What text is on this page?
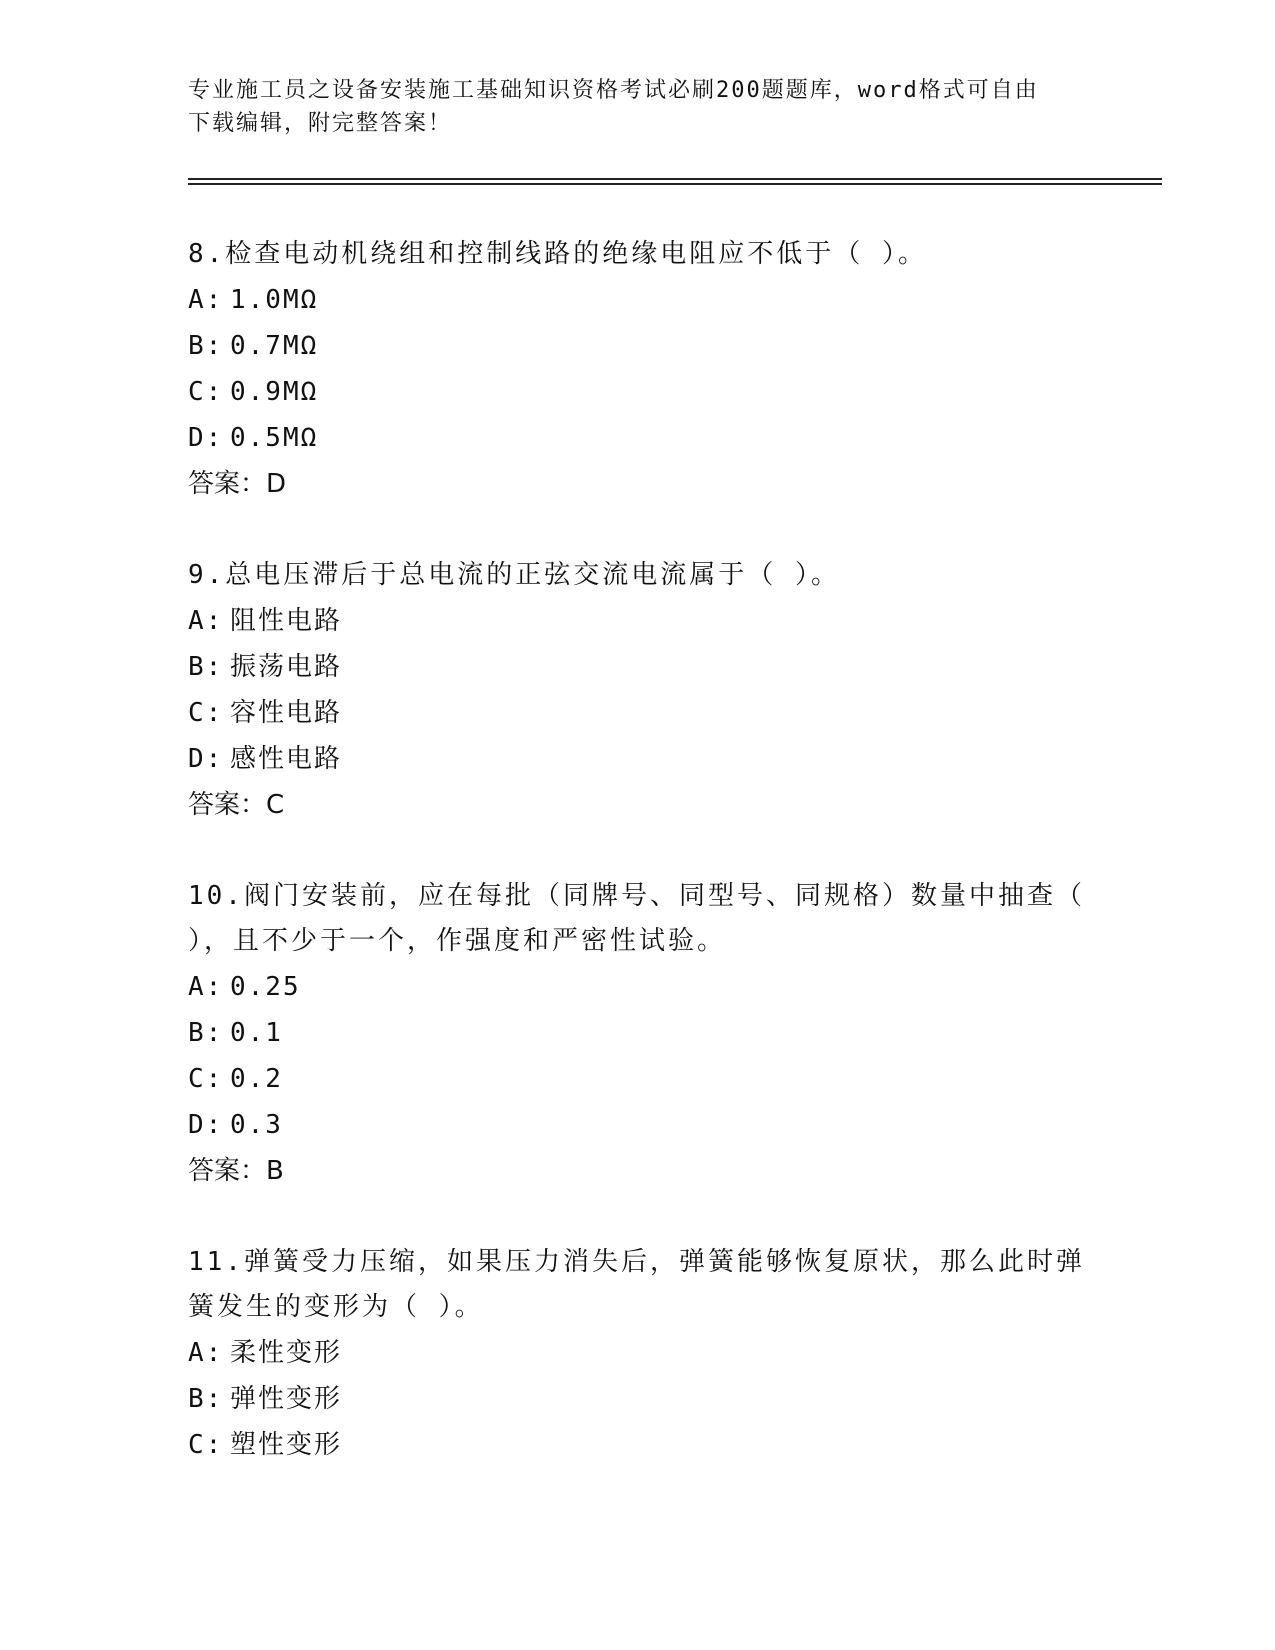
专业施工员之设备安装施工基础知识资格考试必刷200题题库，word格式可自由
下载编辑，附完整答案！

8.检查电动机绕组和控制线路的绝缘电阻应不低于（ ）。

A: 1.0MΩ

B: 0.7MΩ

C: 0.9MΩ

D: 0.5MΩ

答案：D

9.总电压滞后于总电流的正弦交流电流属于（ ）。

A: 阻性电路

B: 振荡电路

C: 容性电路

D: 感性电路

答案：C

10.阀门安装前，应在每批（同牌号、同型号、同规格）数量中抽查（

），且不少于一个，作强度和严密性试验。

A: 0.25

B: 0.1

C: 0.2

D: 0.3

答案：B

11.弹簧受力压缩，如果压力消失后，弹簧能够恢复原状，那么此时弹

簧发生的变形为（ ）。

A: 柔性变形

B: 弹性变形

C: 塑性变形
